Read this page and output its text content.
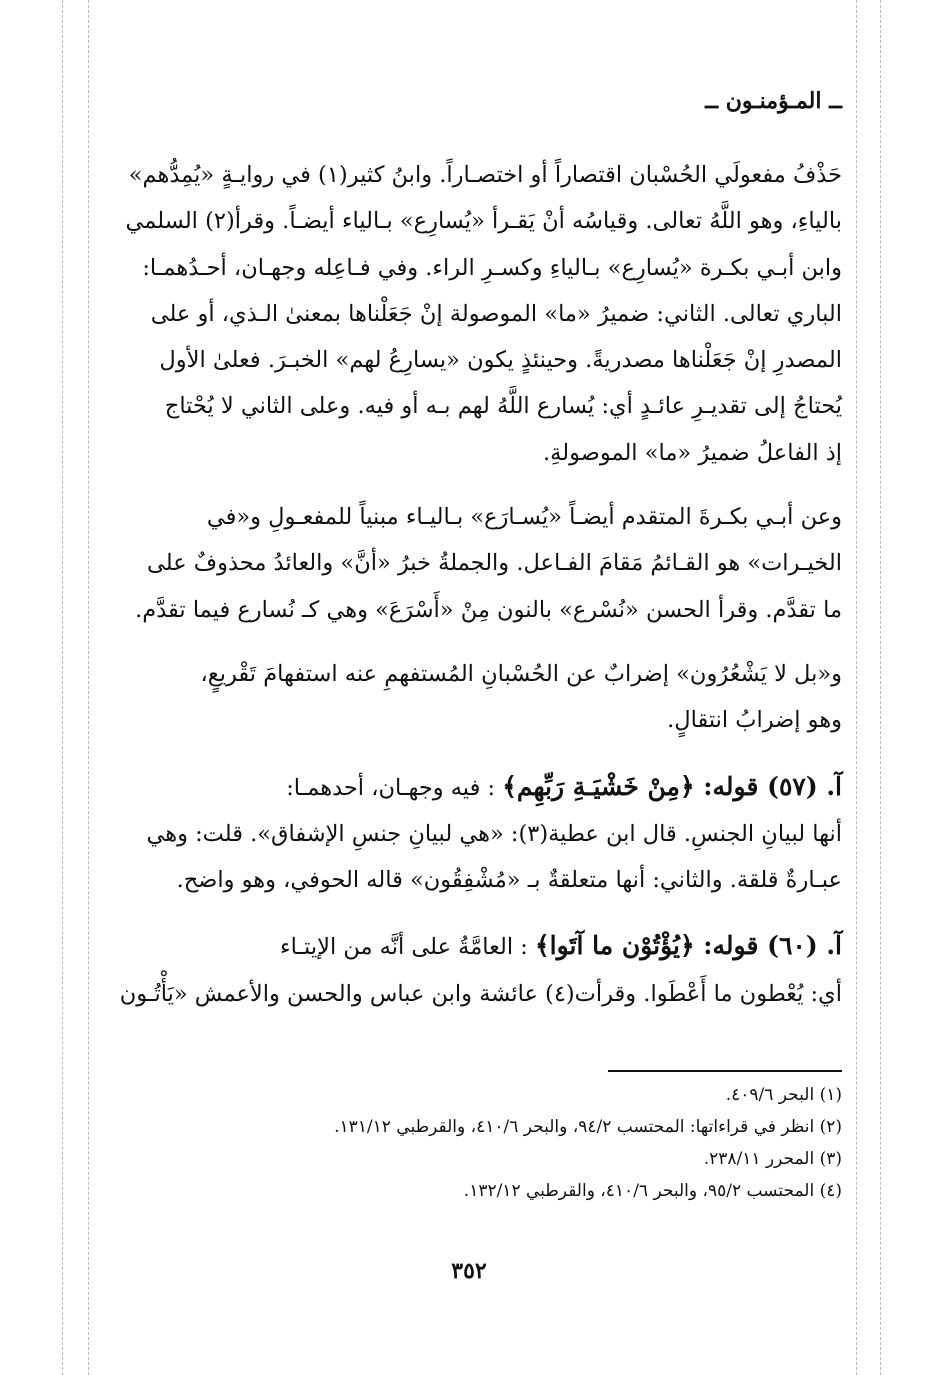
ــ المـؤمنـون ــ
حَذْفُ مفعولَي الحُسْبان اقتصاراً أو اختصـاراً. وابنُ كثير(١) في روايـةٍ «يُمِدُّهم»
بالياءِ، وهو اللَّهُ تعالى. وقياسُه أنْ يَقـرأ «يُسارِع» بـالياء أيضـاً. وقرأ(٢) السلمي
وابن أبـي بكـرة «يُسارِع» بـالياءِ وكسـرِ الراء. وفي فـاعِله وجهـان، أحـدُهمـا:
الباري تعالى. الثاني: ضميرُ «ما» الموصولة إنْ جَعَلْناها بمعنىٰ الـذي، أو على
المصدرِ إنْ جَعَلْناها مصدريةً. وحينئذٍ يكون «يسارِعُ لهم» الخبـرَ. فعلىٰ الأول
يُحتاجُ إلى تقديـرِ عائـدٍ أي: يُسارع اللَّهُ لهم بـه أو فيه. وعلى الثاني لا يُحْتاج
إذ الفاعلُ ضميرُ «ما» الموصولةِ.
وعن أبـي بكـرةَ المتقدم أيضـاً «يُسـارَع» بـاليـاء مبنياً للمفعـولِ و«في
الخيـرات» هو القـائمُ مَقامَ الفـاعل. والجملةُ خبرُ «أنَّ» والعائدُ محذوفٌ على
ما تقدَّم. وقرأ الحسن «نُسْرع» بالنون مِنْ «أَسْرَعَ» وهي كـ نُسارع فيما تقدَّم.
و«بل لا يَشْعُرُون» إضرابٌ عن الحُسْبانِ المُستفهمِ عنه استفهامَ تَقْريعٍ،
وهو إضرابُ انتقالٍ.
آ. (٥٧) قوله: ﴿مِنْ خَشْيَـةِ رَبِّهِم﴾ : فيه وجهـان، أحدهمـا:
أنها لبيانِ الجنسِ. قال ابن عطية(٣): «هي لبيانِ جنسِ الإشفاق». قلت: وهي
عبـارةٌ قلقة. والثاني: أنها متعلقةٌ بـ «مُشْفِقُون» قاله الحوفي، وهو واضح.
آ. (٦٠) قوله: ﴿يُؤْتُوْن ما آتَوا﴾ : العامَّةُ على أنَّه من الإيتـاء
أي: يُعْطون ما أَعْطَوا. وقرأت(٤) عائشة وابن عباس والحسن والأعمش «يَأْتُـون
(١) البحر ٤٠٩/٦.
(٢) انظر في قراءاتها: المحتسب ٩٤/٢، والبحر ٤١٠/٦، والقرطبي ١٣١/١٢.
(٣) المحرر ٢٣٨/١١.
(٤) المحتسب ٩٥/٢، والبحر ٤١٠/٦، والقرطبي ١٣٢/١٢.
٣٥٢
